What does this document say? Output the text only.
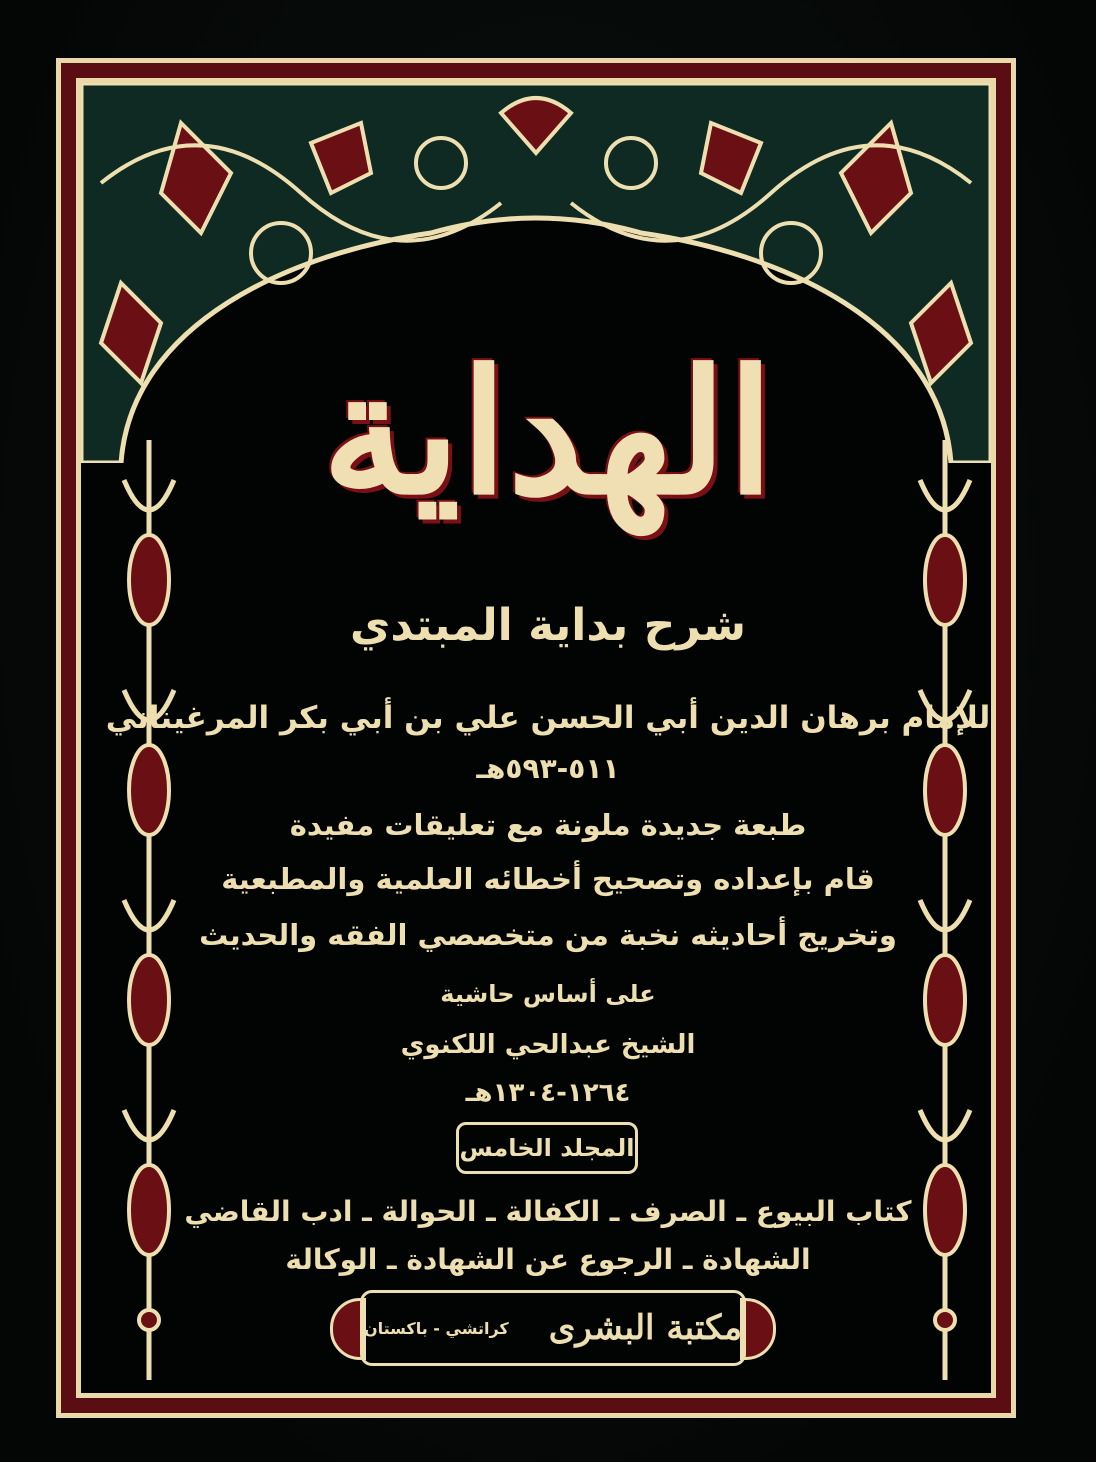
الهداية
شرح بداية المبتدي
للإمام برهان الدين أبي الحسن علي بن أبي بكر المرغيناني
٥١١-٥٩٣هـ
طبعة جديدة ملونة مع تعليقات مفيدة
قام بإعداده وتصحيح أخطائه العلمية والمطبعية
وتخريج أحاديثه نخبة من متخصصي الفقه والحديث
على أساس حاشية
الشيخ عبدالحي اللكنوي
١٢٦٤-١٣٠٤هـ
المجلد الخامس
كتاب البيوع ـ الصرف ـ الكفالة ـ الحوالة ـ ادب القاضي
الشهادة ـ الرجوع عن الشهادة ـ الوكالة
مكتبة البشرى
كراتشي - باكستان
